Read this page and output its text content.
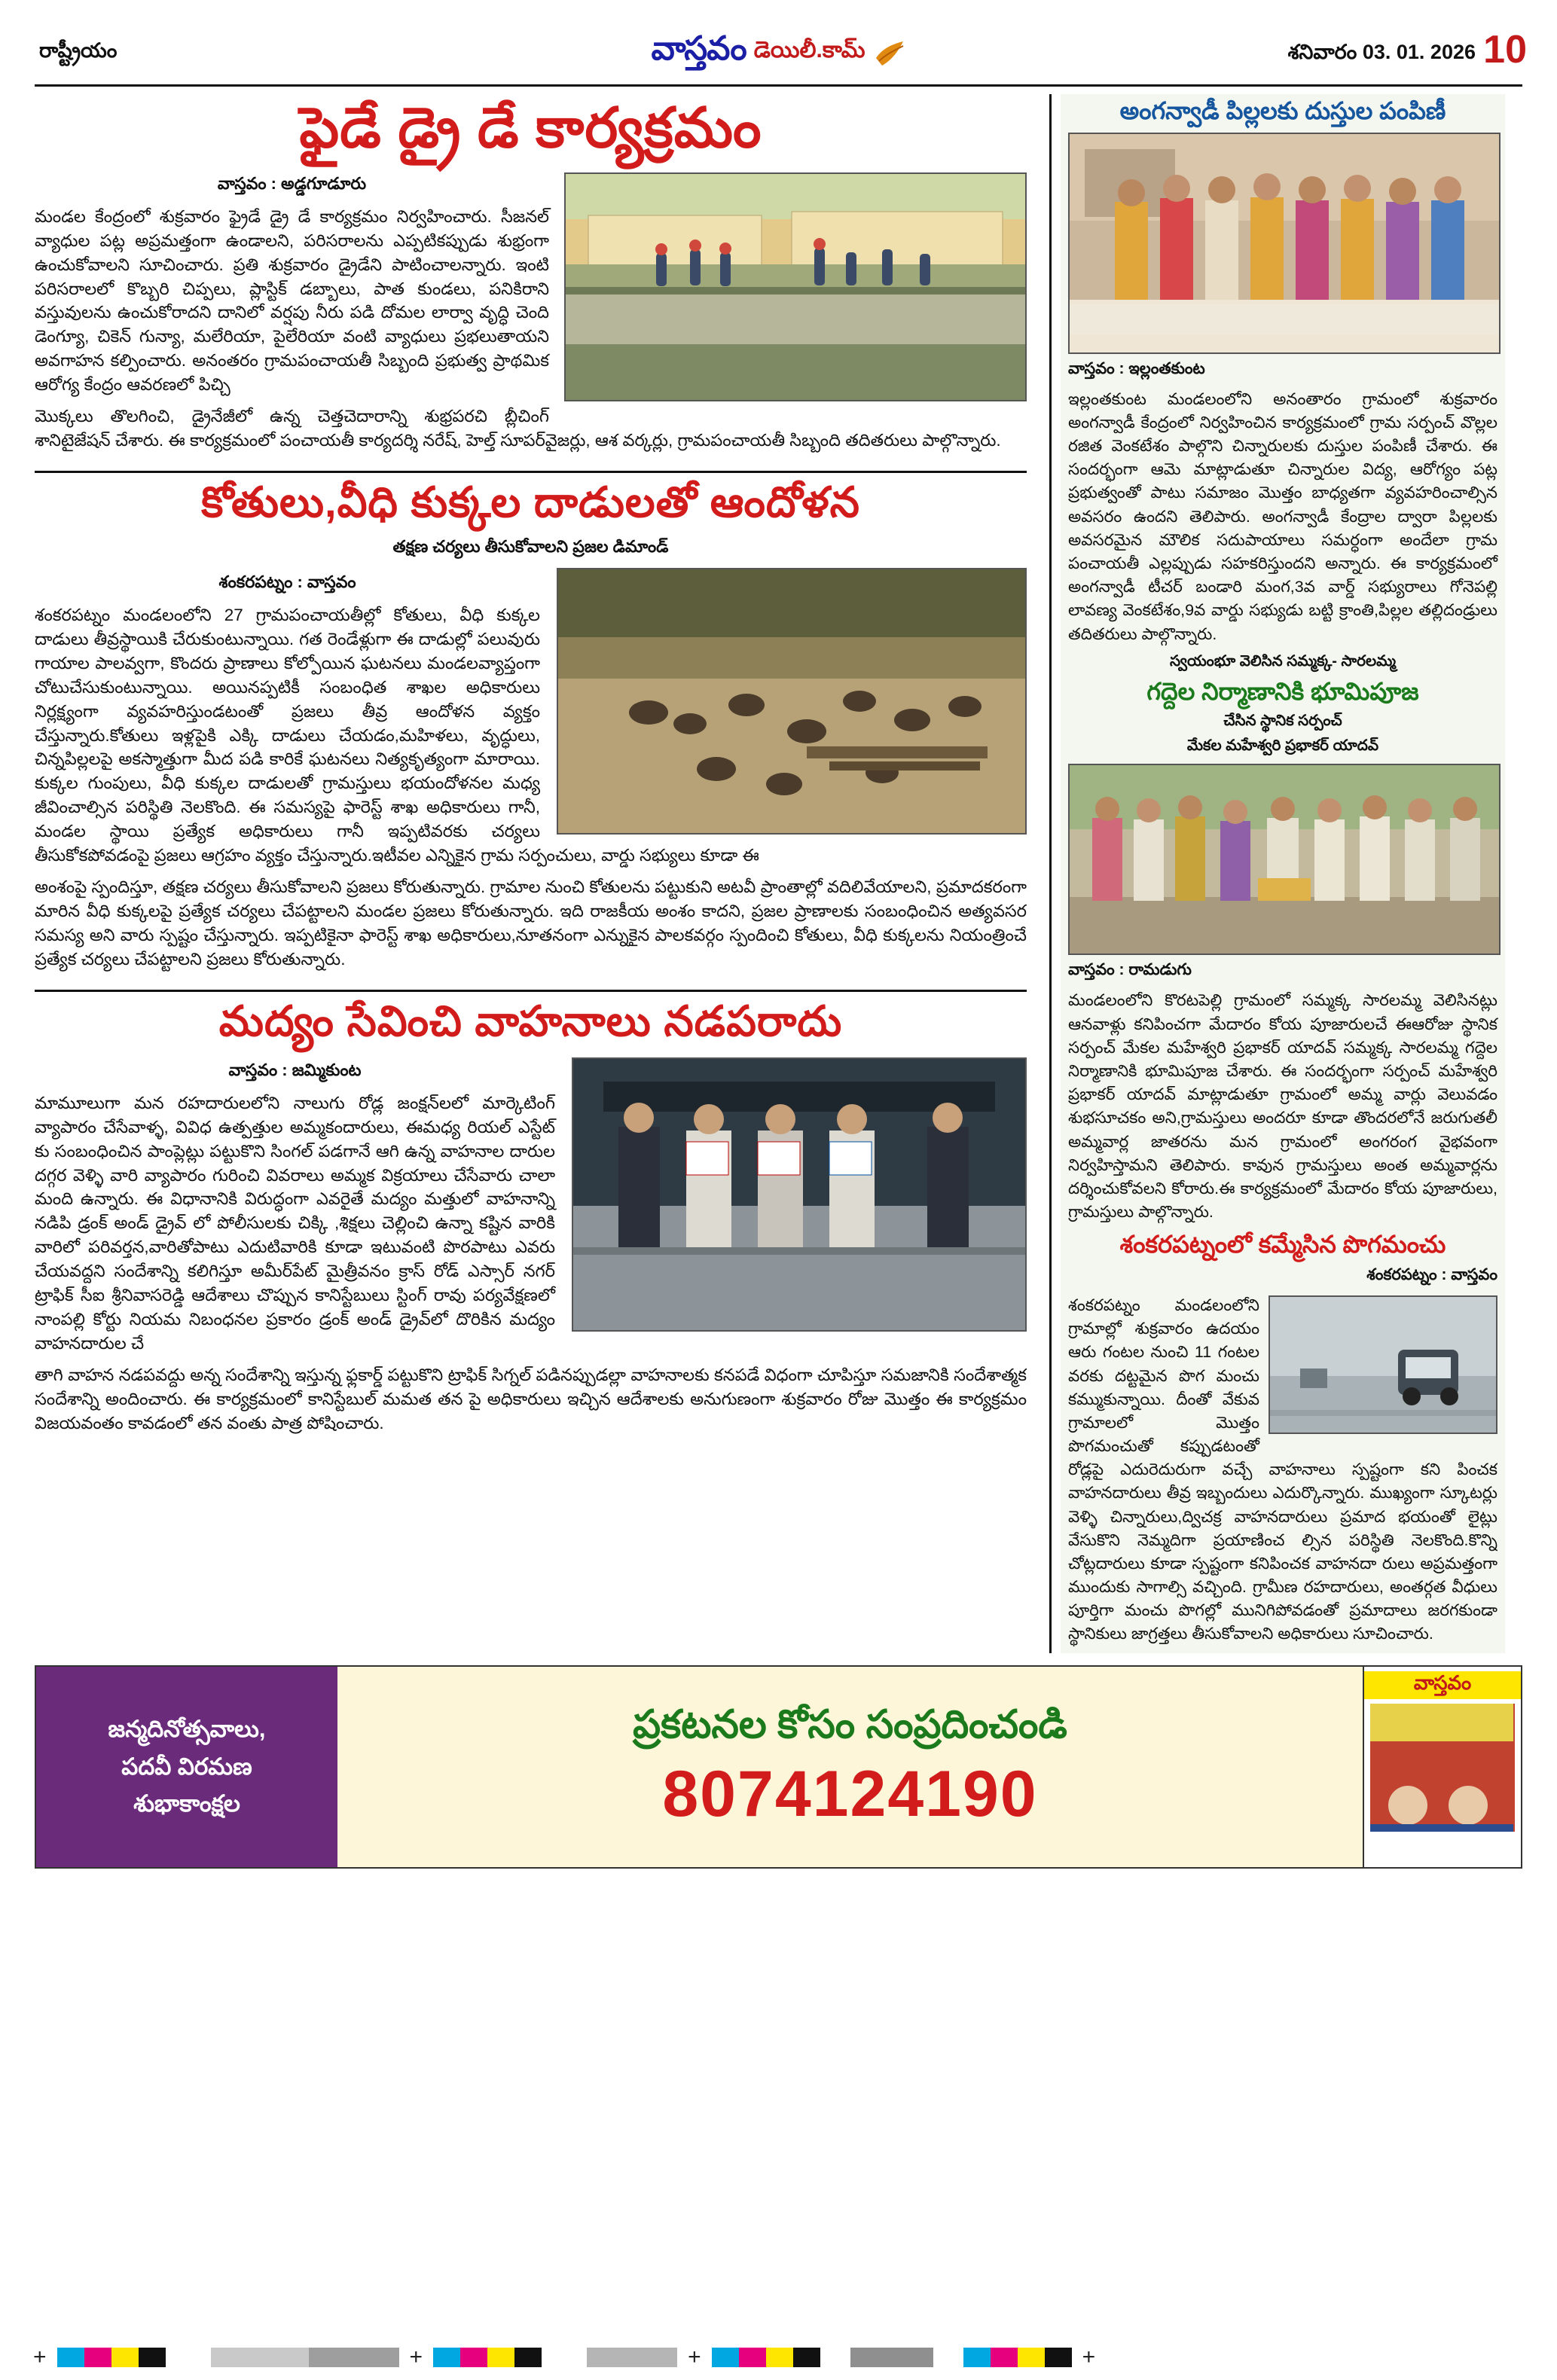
రాష్ట్రీయం	వాస్తవం డెయిలీ.కామ్	శనివారం 03. 01. 2026 10
ఫైడే డ్రై డే కార్యక్రమం
వాస్తవం : అడ్డగూడూరు

మండల కేంద్రంలో శుక్రవారం ఫ్రైడే డ్రై డే కార్యక్రమం నిర్వహించారు. సీజనల్ వ్యాధుల పట్ల అప్రమత్తంగా ఉండాలని, పరిసరాలను ఎప్పటికప్పుడు శుభ్రంగా ఉంచుకోవాలని సూచించారు. ప్రతి శుక్రవారం డ్రైడేని పాటించాలన్నారు. ఇంటి పరిసరాలలో కొబ్బరి చిప్పలు, ప్లాస్టిక్ డబ్బాలు, పాత కుండలు, పనికిరాని వస్తువులను ఉంచుకోరాదని దానిలో వర్షపు నీరు పడి దోమల లార్వా వృద్ధి చెంది డెంగ్యూ, చికెన్ గున్యా, మలేరియా, పైలేరియా వంటి వ్యాధులు ప్రభలుతాయని అవగాహన కల్పించారు. అనంతరం గ్రామపంచాయతీ సిబ్బంది ప్రభుత్వ ప్రాథమిక ఆరోగ్య కేంద్రం ఆవరణలో పిచ్చి

మొక్కలు తొలగించి, డ్రైనేజీలో ఉన్న చెత్తచెదారాన్ని శుభ్రపరచి బ్లీచింగ్ శానిటైజేషన్ చేశారు. ఈ కార్యక్రమంలో పంచాయతీ కార్యదర్శి నరేష్, హెల్త్ సూపర్‌వైజర్లు, ఆశ వర్కర్లు, గ్రామపంచాయతీ సిబ్బంది తదితరులు పాల్గొన్నారు.

కోతులు,వీధి కుక్కల దాడులతో ఆందోళన
తక్షణ చర్యలు తీసుకోవాలని ప్రజల డిమాండ్
శంకరపట్నం : వాస్తవం

శంకరపట్నం మండలంలోని 27 గ్రామపంచాయతీల్లో కోతులు, వీధి కుక్కల దాడులు తీవ్రస్థాయికి చేరుకుంటున్నాయి. గత రెండేళ్లుగా ఈ దాడుల్లో పలువురు గాయాల పాలవ్వగా, కొందరు ప్రాణాలు కోల్పోయిన ఘటనలు మండలవ్యాప్తంగా చోటుచేసుకుంటున్నాయి. అయినప్పటికీ సంబంధిత శాఖల అధికారులు నిర్లక్ష్యంగా వ్యవహరిస్తుండటంతో ప్రజలు తీవ్ర ఆందోళన వ్యక్తం చేస్తున్నారు.కోతులు ఇళ్లపైకి ఎక్కి దాడులు చేయడం,మహిళలు, వృద్ధులు, చిన్నపిల్లలపై అకస్మాత్తుగా మీద పడి కారికే ఘటనలు నిత్యకృత్యంగా మారాయి. కుక్కల గుంపులు, వీధి కుక్కల దాడులతో గ్రామస్తులు భయందోళనల మధ్య జీవించాల్సిన పరిస్థితి నెలకొంది. ఈ సమస్యపై ఫారెస్ట్ శాఖ అధికారులు గానీ, మండల స్థాయి ప్రత్యేక అధికారులు గానీ ఇప్పటివరకు చర్యలు తీసుకోకపోవడంపై ప్రజలు ఆగ్రహం వ్యక్తం చేస్తున్నారు.ఇటీవల ఎన్నికైన గ్రామ సర్పంచులు, వార్డు సభ్యులు కూడా ఈ

అంశంపై స్పందిస్తూ, తక్షణ చర్యలు తీసుకోవాలని ప్రజలు కోరుతున్నారు. గ్రామాల నుంచి కోతులను పట్టుకుని అటవీ ప్రాంతాల్లో వదిలివేయాలని, ప్రమాదకరంగా మారిన వీధి కుక్కలపై ప్రత్యేక చర్యలు చేపట్టాలని మండల ప్రజలు కోరుతున్నారు. ఇది రాజకీయ అంశం కాదని, ప్రజల ప్రాణాలకు సంబంధించిన అత్యవసర సమస్య అని వారు స్పష్టం చేస్తున్నారు. ఇప్పటికైనా ఫారెస్ట్ శాఖ అధికారులు,నూతనంగా ఎన్నుకైన పాలకవర్గం స్పందించి కోతులు, వీధి కుక్కలను నియంత్రించే ప్రత్యేక చర్యలు చేపట్టాలని ప్రజలు కోరుతున్నారు.

మద్యం సేవించి వాహనాలు నడపరాదు
వాస్తవం : జమ్మికుంట

మామూలుగా మన రహదారులలోని నాలుగు రోడ్ల జంక్షన్‌లలో మార్కెటింగ్ వ్యాపారం చేసేవాళ్ళ, వివిధ ఉత్పత్తుల అమ్మకందారులు, ఈమధ్య రియల్ ఎస్టేట్ కు సంబంధించిన పాంప్లెట్లు పట్టుకొని సింగల్ పడగానే ఆగి ఉన్న వాహనాల దారుల దగ్గర వెళ్ళి వారి వ్యాపారం గురించి వివరాలు అమ్మక విక్రయాలు చేసేవారు చాలా మంది ఉన్నారు. ఈ విధానానికి విరుద్ధంగా ఎవరైతే మద్యం మత్తులో వాహనాన్ని నడిపి డ్రంక్ అండ్ డ్రైవ్ లో పోలీసులకు చిక్కి ,శిక్షలు చెల్లించి ఉన్నా కష్టిన వారికి వారిలో పరివర్తన,వారితోపాటు ఎదుటివారికి కూడా ఇటువంటి పొరపాటు ఎవరు చేయవద్దని సందేశాన్ని కలిగిస్తూ అమీర్‌పేట్ మైత్రీవనం క్రాస్ రోడ్ ఎస్సార్ నగర్ ట్రాఫిక్ సీఐ శ్రీనివాసరెడ్డి ఆదేశాలు చొప్పున కానిస్టేబులు స్టింగ్ రావు పర్యవేక్షణలో నాంపల్లి కోర్టు నియమ నిబంధనల ప్రకారం డ్రంక్ అండ్ డ్రైవ్‌లో దొరికిన మద్యం వాహనదారుల చే

తాగి వాహన నడపవద్దు అన్న సందేశాన్ని ఇస్తున్న ఫ్లకార్డ్ పట్టుకొని ట్రాఫిక్ సిగ్నల్ పడినప్పుడల్లా వాహనాలకు కనపడే విధంగా చూపిస్తూ సమజానికి సందేశాత్మక సందేశాన్ని అందించారు. ఈ కార్యక్రమంలో కానిస్టేబుల్ మమత తన పై అధికారులు ఇచ్చిన ఆదేశాలకు అనుగుణంగా శుక్రవారం రోజు మొత్తం ఈ కార్యక్రమం విజయవంతం కావడంలో తన వంతు పాత్ర పోషించారు.

అంగన్వాడీ పిల్లలకు దుస్తుల పంపిణీ
వాస్తవం : ఇల్లంతకుంట

ఇల్లంతకుంట మండలంలోని అనంతారం గ్రామంలో శుక్రవారం అంగన్వాడీ కేంద్రంలో నిర్వహించిన కార్యక్రమంలో గ్రామ సర్పంచ్ వొల్లల రజిత వెంకటేశం పాల్గొని చిన్నారులకు దుస్తుల పంపిణీ చేశారు. ఈ సందర్భంగా ఆమె మాట్లాడుతూ చిన్నారుల విద్య, ఆరోగ్యం పట్ల ప్రభుత్వంతో పాటు సమాజం మొత్తం బాధ్యతగా వ్యవహరించాల్సిన అవసరం ఉందని తెలిపారు. అంగన్వాడీ కేంద్రాల ద్వారా పిల్లలకు అవసరమైన మౌలిక సదుపాయాలు సమర్ధంగా అందేలా గ్రామ పంచాయతీ ఎల్లప్పుడు సహకరిస్తుందని అన్నారు. ఈ కార్యక్రమంలో అంగన్వాడీ టీచర్ బండారి మంగ,3వ వార్డ్ సభ్యురాలు గోనెపల్లి లావణ్య వెంకటేశం,9వ వార్డు సభ్యుడు బట్టి క్రాంతి,పిల్లల తల్లిదండ్రులు తదితరులు పాల్గొన్నారు.

స్వయంభూ వెలిసిన సమ్మక్క- సారలమ్మ
గద్దెల నిర్మాణానికి భూమిపూజ
చేసిన స్థానిక సర్పంచ్
మేకల మహేశ్వరి ప్రభాకర్ యాదవ్
వాస్తవం : రామడుగు

మండలంలోని కొరటపెల్లి గ్రామంలో సమ్మక్క సారలమ్మ వెలిసినట్లు ఆనవాళ్లు కనిపించగా మేదారం కోయ పూజారులచే ఈఆరోజు స్థానిక సర్పంచ్ మేకల మహేశ్వరి ప్రభాకర్ యాదవ్ సమ్మక్క సారలమ్మ గద్దెల నిర్మాణానికి భూమిపూజ చేశారు. ఈ సందర్భంగా సర్పంచ్ మహేశ్వరి ప్రభాకర్ యాదవ్ మాట్లాడుతూ గ్రామంలో అమ్మ వార్లు వెలువడం శుభసూచకం అని,గ్రామస్తులు అందరూ కూడా తొందరలోనే జరుగుతలీ అమ్మవార్ల జాతరను మన గ్రామంలో అంగరంగ వైభవంగా నిర్వహిస్తామని తెలిపారు. కావున గ్రామస్తులు అంత అమ్మవార్లను దర్శించుకోవలని కోరారు.ఈ కార్యక్రమంలో మేదారం కోయ పూజారులు, గ్రామస్తులు పాల్గొన్నారు.

శంకరపట్నంలో కమ్మేసిన పొగమంచు
శంకరపట్నం : వాస్తవం

శంకరపట్నం మండలంలోని గ్రామాల్లో శుక్రవారం ఉదయం ఆరు గంటల నుంచి 11 గంటల వరకు దట్టమైన పొగ మంచు కమ్ముకున్నాయి. దీంతో వేకువ గ్రామాలలో మొత్తం పొగమంచుతో కప్పుడటంతో రోడ్లపై ఎదురెదురుగా వచ్చే వాహనాలు స్పష్టంగా కని పించక వాహనదారులు తీవ్ర ఇబ్బందులు ఎదుర్కొన్నారు. ముఖ్యంగా స్కూటర్లు వెళ్ళి చిన్నారులు,ద్విచక్ర వాహనదారులు ప్రమాద భయంతో లైట్లు వేసుకొని నెమ్మదిగా ప్రయాణించ ల్సిన పరిస్థితి నెలకొంది.కొన్ని చోట్లదారులు కూడా స్పష్టంగా కనిపించక వాహనదా రులు అప్రమత్తంగా ముందుకు సాగాల్సి వచ్చింది. గ్రామీణ రహదారులు, అంతర్గత వీధులు పూర్తిగా మంచు పొగల్లో మునిగిపోవడంతో ప్రమాదాలు జరగకుండా స్థానికులు జాగ్రత్తలు తీసుకోవాలని అధికారులు సూచించారు.

జన్మదినోత్సవాలు,
పదవీ విరమణ
శుభాకాంక్షల
ప్రకటనల కోసం సంప్రదించండి
8074124190
వాస్తవం
+	+	+	+
